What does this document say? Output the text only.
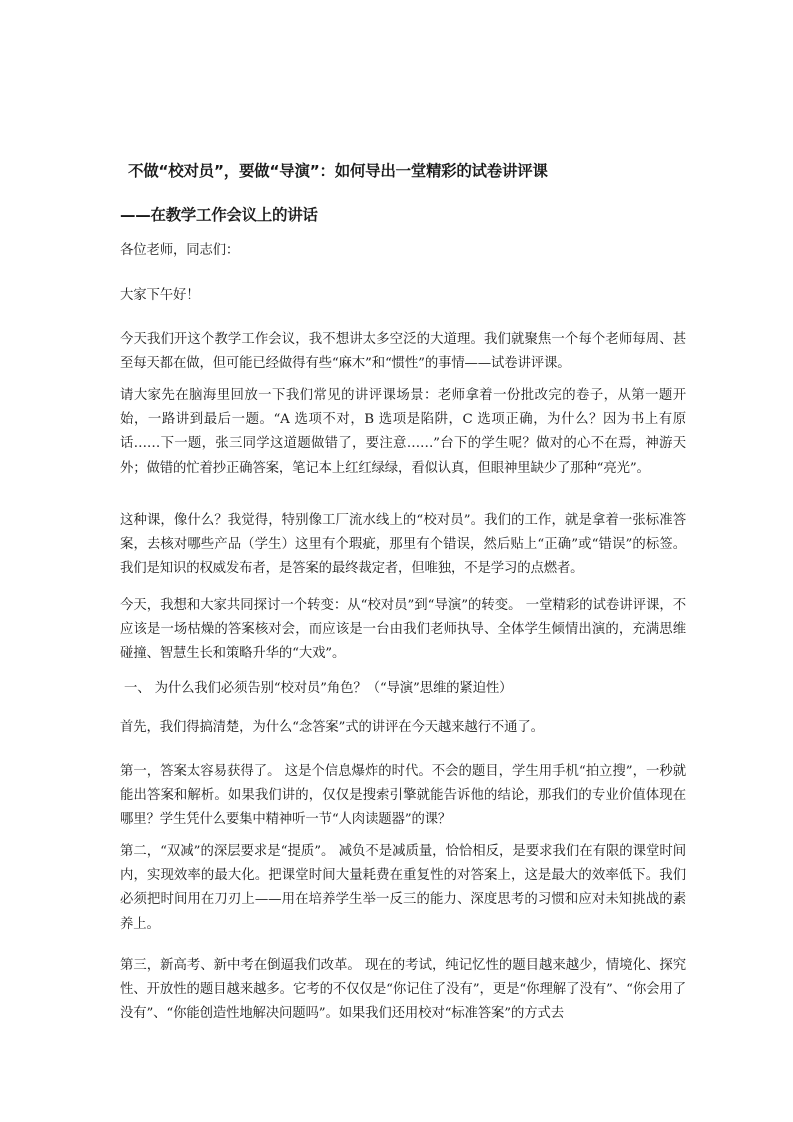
不做“校对员”，要做“导演”：如何导出一堂精彩的试卷讲评课
——在教学工作会议上的讲话
各位老师，同志们：
大家下午好！
今天我们开这个教学工作会议，我不想讲太多空泛的大道理。我们就聚焦一个每个老师每周、甚至每天都在做，但可能已经做得有些“麻木”和“惯性”的事情——试卷讲评课。
请大家先在脑海里回放一下我们常见的讲评课场景：老师拿着一份批改完的卷子，从第一题开始，一路讲到最后一题。“A 选项不对，B 选项是陷阱，C 选项正确，为什么？因为书上有原话……下一题，张三同学这道题做错了，要注意……”台下的学生呢？做对的心不在焉，神游天外；做错的忙着抄正确答案，笔记本上红红绿绿，看似认真，但眼神里缺少了那种“亮光”。
这种课，像什么？我觉得，特别像工厂流水线上的“校对员”。我们的工作，就是拿着一张标准答案，去核对哪些产品（学生）这里有个瑕疵，那里有个错误，然后贴上“正确”或“错误”的标签。我们是知识的权威发布者，是答案的最终裁定者，但唯独，不是学习的点燃者。
今天，我想和大家共同探讨一个转变：从“校对员”到“导演”的转变。 一堂精彩的试卷讲评课，不应该是一场枯燥的答案核对会，而应该是一台由我们老师执导、全体学生倾情出演的，充满思维碰撞、智慧生长和策略升华的“大戏”。
一、 为什么我们必须告别“校对员”角色？（“导演”思维的紧迫性）
首先，我们得搞清楚，为什么“念答案”式的讲评在今天越来越行不通了。
第一，答案太容易获得了。 这是个信息爆炸的时代。不会的题目，学生用手机“拍立搜”，一秒就能出答案和解析。如果我们讲的，仅仅是搜索引擎就能告诉他的结论，那我们的专业价值体现在哪里？学生凭什么要集中精神听一节“人肉读题器”的课？
第二，“双减”的深层要求是“提质”。 减负不是减质量，恰恰相反，是要求我们在有限的课堂时间内，实现效率的最大化。把课堂时间大量耗费在重复性的对答案上，这是最大的效率低下。我们必须把时间用在刀刃上——用在培养学生举一反三的能力、深度思考的习惯和应对未知挑战的素养上。
第三，新高考、新中考在倒逼我们改革。 现在的考试，纯记忆性的题目越来越少，情境化、探究性、开放性的题目越来越多。它考的不仅仅是“你记住了没有”，更是“你理解了没有”、“你会用了没有”、“你能创造性地解决问题吗”。如果我们还用校对“标准答案”的方式去
